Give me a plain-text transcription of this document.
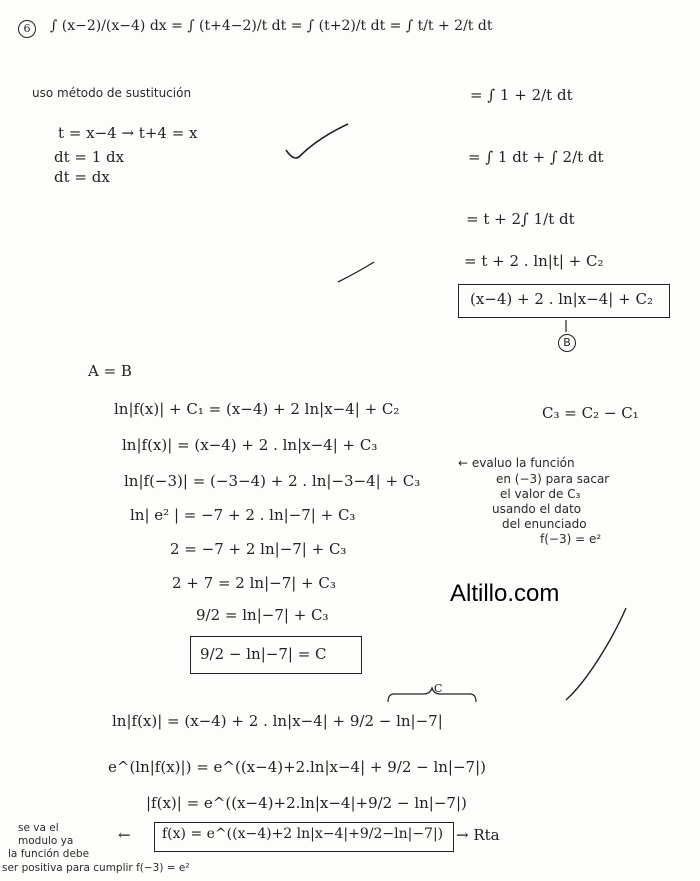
6	∫ (x−2)/(x−4) dx = ∫ (t+4−2)/t dt = ∫ (t+2)/t dt = ∫ t/t + 2/t dt
uso método de sustitución
t = x−4 → t+4 = x
dt = 1 dx
dt = dx
= ∫ 1 + 2/t dt
= ∫ 1 dt + ∫ 2/t dt
= t + 2∫ 1/t dt
= t + 2 . ln|t| + C₂
(x−4) + 2 . ln|x−4| + C₂
B
A = B
ln|f(x)| + C₁ = (x−4) + 2 ln|x−4| + C₂	C₃ = C₂ − C₁
ln|f(x)| = (x−4) + 2 . ln|x−4| + C₃
ln|f(−3)| = (−3−4) + 2 . ln|−3−4| + C₃
ln| e² | = −7 + 2 . ln|−7| + C₃
2 = −7 + 2 ln|−7| + C₃
2 + 7 = 2 ln|−7| + C₃
9/2 = ln|−7| + C₃
9/2 − ln|−7| = C
← evaluo la función
en (−3) para sacar
el valor de C₃
usando el dato
del enunciado
f(−3) = e²
Altillo.com
C
ln|f(x)| = (x−4) + 2 . ln|x−4| + 9/2 − ln|−7|
e^(ln|f(x)|) = e^((x−4)+2.ln|x−4| + 9/2 − ln|−7|)
|f(x)| = e^((x−4)+2.ln|x−4|+9/2 − ln|−7|)
f(x) = e^((x−4)+2 ln|x−4|+9/2−ln|−7|) → Rta
←
se va el
modulo ya
la función debe
ser positiva para cumplir f(−3) = e²
